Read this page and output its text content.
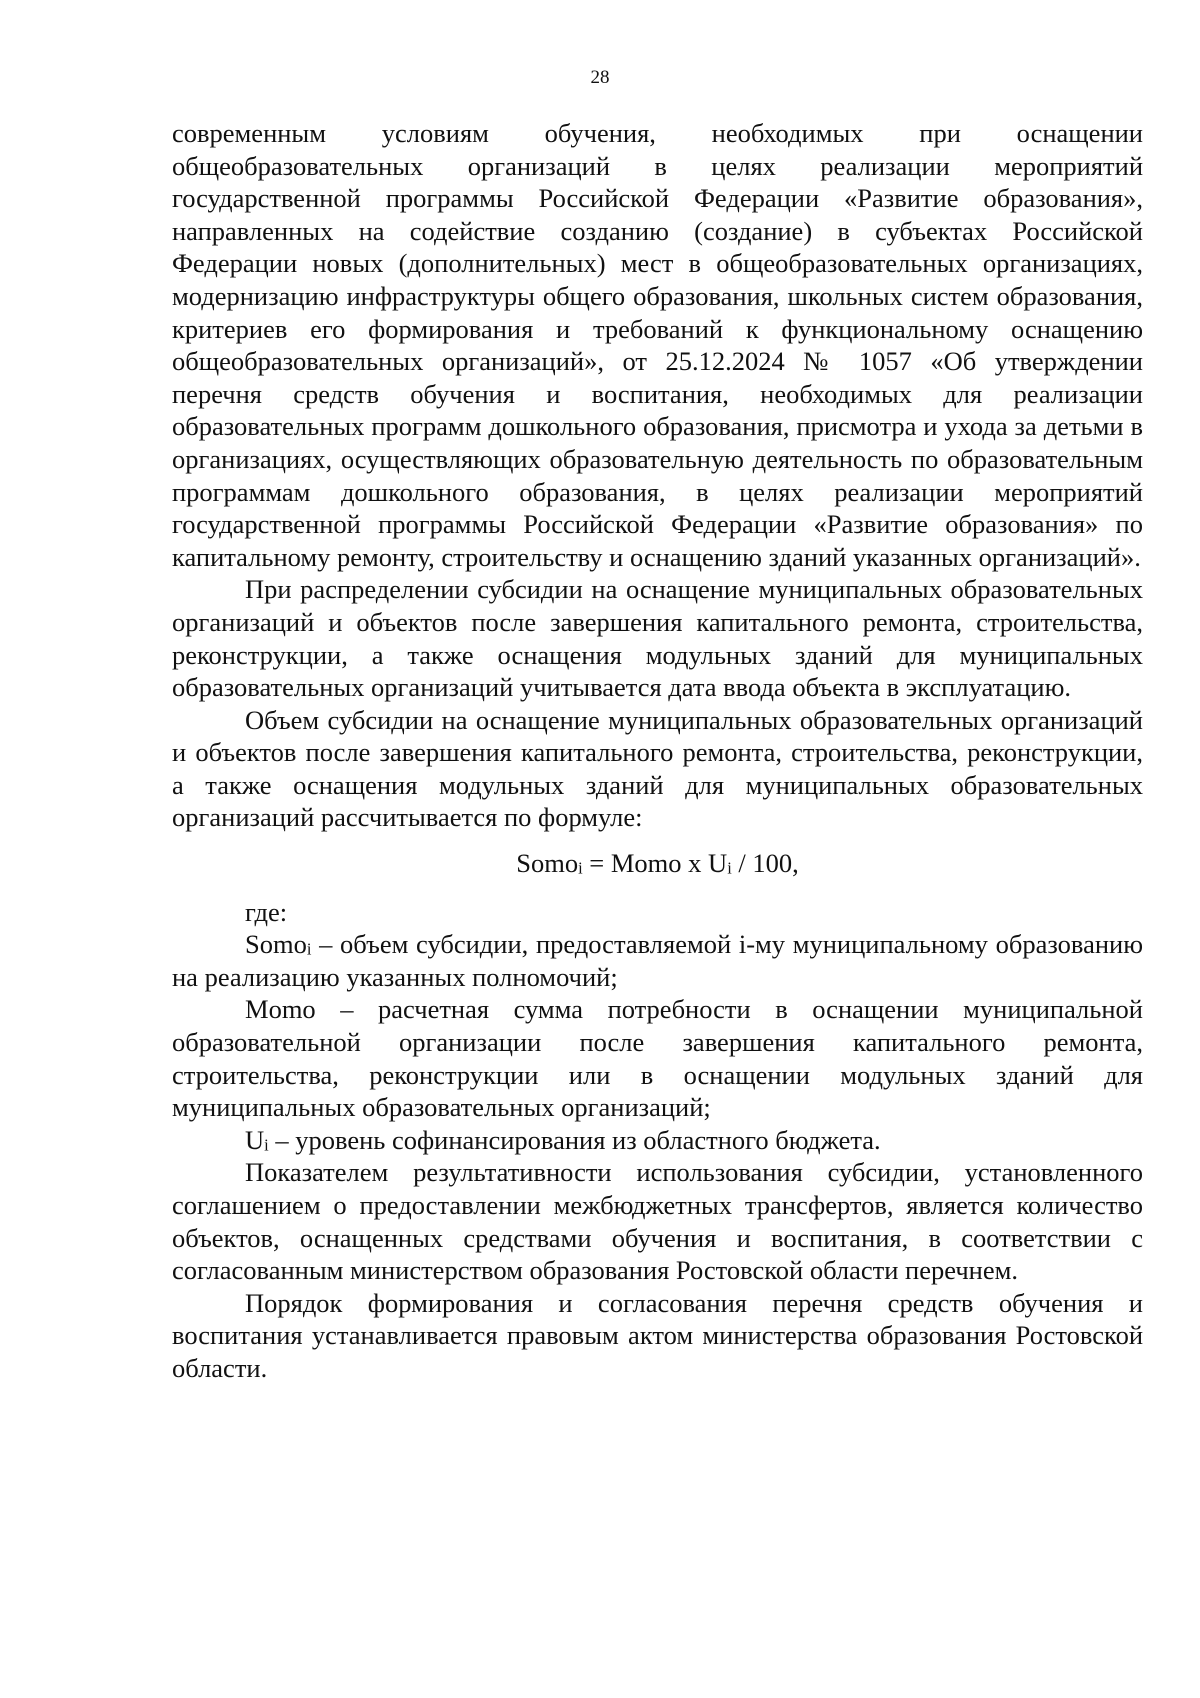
28

современным условиям обучения, необходимых при оснащении общеобразовательных организаций в целях реализации мероприятий государственной программы Российской Федерации «Развитие образования», направленных на содействие созданию (создание) в субъектах Российской Федерации новых (дополнительных) мест в общеобразовательных организациях, модернизацию инфраструктуры общего образования, школьных систем образования, критериев его формирования и требований к функциональному оснащению общеобразовательных организаций», от 25.12.2024 № 1057 «Об утверждении перечня средств обучения и воспитания, необходимых для реализации образовательных программ дошкольного образования, присмотра и ухода за детьми в организациях, осуществляющих образовательную деятельность по образовательным программам дошкольного образования, в целях реализации мероприятий государственной программы Российской Федерации «Развитие образования» по капитальному ремонту, строительству и оснащению зданий указанных организаций».

При распределении субсидии на оснащение муниципальных образовательных организаций и объектов после завершения капитального ремонта, строительства, реконструкции, а также оснащения модульных зданий для муниципальных образовательных организаций учитывается дата ввода объекта в эксплуатацию.

Объем субсидии на оснащение муниципальных образовательных организаций и объектов после завершения капитального ремонта, строительства, реконструкции, а также оснащения модульных зданий для муниципальных образовательных организаций рассчитывается по формуле:

Somo$_i$ = Momo x $U_i / 100$,

где:

Somo$_i$ – объем субсидии, предоставляемой i-му муниципальному образованию на реализацию указанных полномочий;

Momo – расчетная сумма потребности в оснащении муниципальной образовательной организации после завершения капитального ремонта, строительства, реконструкции или в оснащении модульных зданий для муниципальных образовательных организаций;

$U_i$ – уровень софинансирования из областного бюджета.

Показателем результативности использования субсидии, установленного соглашением о предоставлении межбюджетных трансфертов, является количество объектов, оснащенных средствами обучения и воспитания, в соответствии с согласованным министерством образования Ростовской области перечнем.

Порядок формирования и согласования перечня средств обучения и воспитания устанавливается правовым актом министерства образования Ростовской области.
